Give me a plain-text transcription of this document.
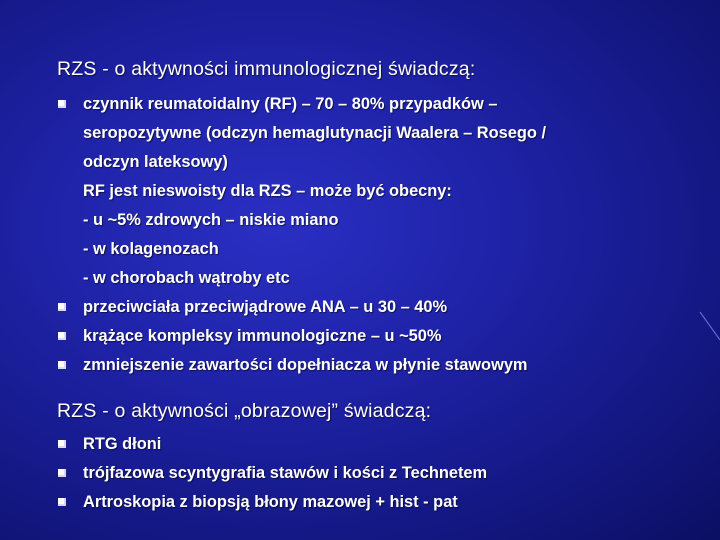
RZS - o aktywności immunologicznej świadczą:
czynnik reumatoidalny (RF) – 70 – 80% przypadków –
seropozytywne (odczyn hemaglutynacji Waalera – Rosego /
odczyn lateksowy)
RF jest nieswoisty dla RZS – może być obecny:
- u ~5% zdrowych – niskie miano
- w kolagenozach
- w chorobach wątroby etc
przeciwciała przeciwjądrowe ANA – u 30 – 40%
krążące kompleksy immunologiczne – u ~50%
zmniejszenie zawartości dopełniacza w płynie stawowym
RZS - o aktywności „obrazowej” świadczą:
RTG dłoni
trójfazowa scyntygrafia stawów i kości z Technetem
Artroskopia z biopsją błony mazowej + hist - pat
